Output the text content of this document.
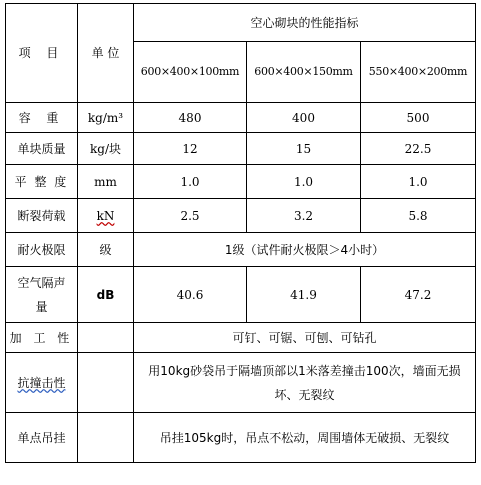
项 目	单 位	空心砌块的性能指标		
		600×400×100mm	600×400×150mm	550×400×200mm
容 重	kg/m³	480	400	500
单块质量	kg/块	12	15	22.5
平 整 度	mm	1.0	1.0	1.0
断裂荷载	kN	2.5	3.2	5.8
耐火极限	级	1级（试件耐火极限＞4小时）		
空气隔声量	dB	40.6	41.9	47.2
加 工 性		可钉、可锯、可刨、可钻孔		
抗撞击性		用10kg砂袋吊于隔墙顶部以1米落差撞击100次，墙面无损坏、无裂纹		
单点吊挂		吊挂105kg时，吊点不松动，周围墙体无破损、无裂纹		
